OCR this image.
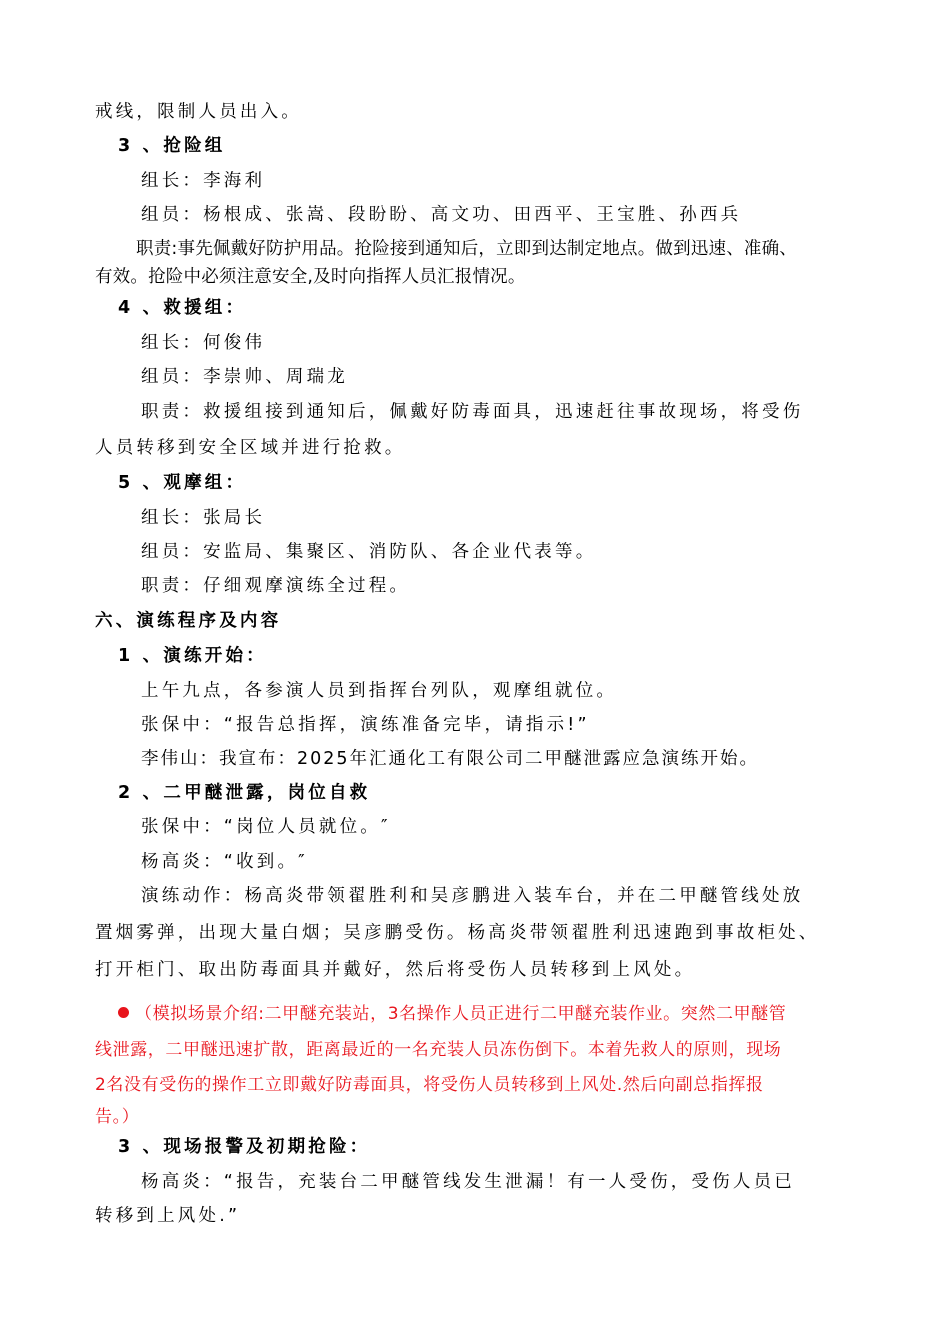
戒线，限制人员出入。
3 、抢险组
组长：李海利
组员：杨根成、张嵩、段盼盼、高文功、田西平、王宝胜、孙西兵
职责:事先佩戴好防护用品。抢险接到通知后，立即到达制定地点。做到迅速、准确、
有效。抢险中必须注意安全,及时向指挥人员汇报情况。
4 、救援组：
组长：何俊伟
组员：李崇帅、周瑞龙
职责：救援组接到通知后，佩戴好防毒面具，迅速赶往事故现场，将受伤
人员转移到安全区域并进行抢救。
5 、观摩组：
组长：张局长
组员：安监局、集聚区、消防队、各企业代表等。
职责：仔细观摩演练全过程。
六、演练程序及内容
1 、演练开始：
上午九点，各参演人员到指挥台列队，观摩组就位。
张保中：“报告总指挥，演练准备完毕，请指示!”
李伟山：我宣布：2025年汇通化工有限公司二甲醚泄露应急演练开始。
2 、二甲醚泄露，岗位自救
张保中：“岗位人员就位。″
杨高炎：“收到。″
演练动作：杨高炎带领翟胜利和吴彦鹏进入装车台，并在二甲醚管线处放
置烟雾弹，出现大量白烟；吴彦鹏受伤。杨高炎带领翟胜利迅速跑到事故柜处、
打开柜门、取出防毒面具并戴好，然后将受伤人员转移到上风处。
（模拟场景介绍:二甲醚充装站，3名操作人员正进行二甲醚充装作业。突然二甲醚管
线泄露，二甲醚迅速扩散，距离最近的一名充装人员冻伤倒下。本着先救人的原则，现场
2名没有受伤的操作工立即戴好防毒面具，将受伤人员转移到上风处.然后向副总指挥报
告。）
3 、现场报警及初期抢险：
杨高炎：“报告，充装台二甲醚管线发生泄漏！有一人受伤，受伤人员已
转移到上风处.”
